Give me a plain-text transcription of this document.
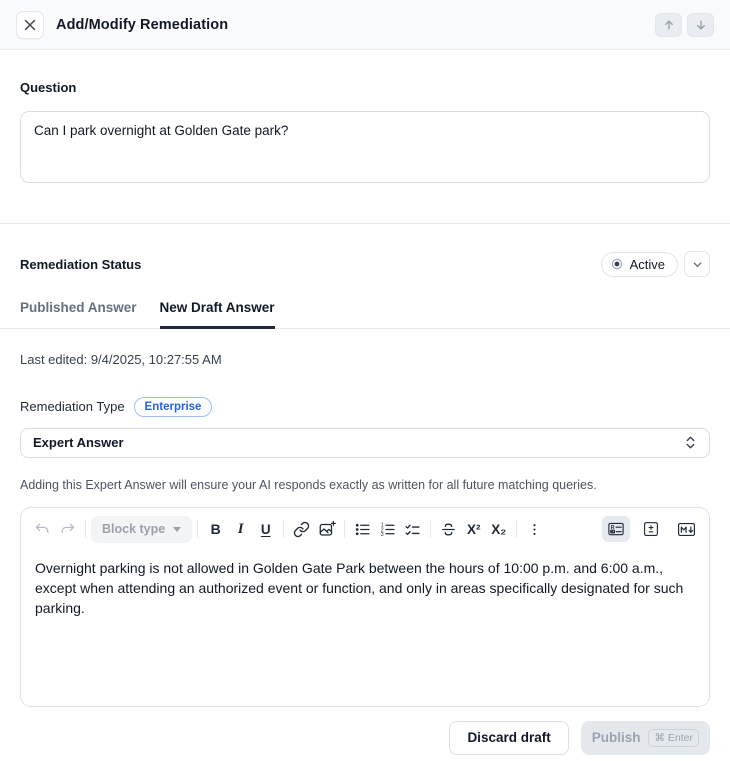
Add/Modify Remediation
Question
Can I park overnight at Golden Gate park?
Remediation Status	Active
Published Answer New Draft Answer
Last edited: 9/4/2025, 10:27:55 AM
Remediation Type	Enterprise
Expert Answer
Adding this Expert Answer will ensure your AI responds exactly as written for all future matching queries.
Block type	B I U	1
2
3	X² X₂	R
Overnight parking is not allowed in Golden Gate Park between the hours of 10:00 p.m. and 6:00 a.m., except when attending an authorized event or function, and only in areas specifically designated for such parking.
Discard draft	Publish	⌘ Enter
